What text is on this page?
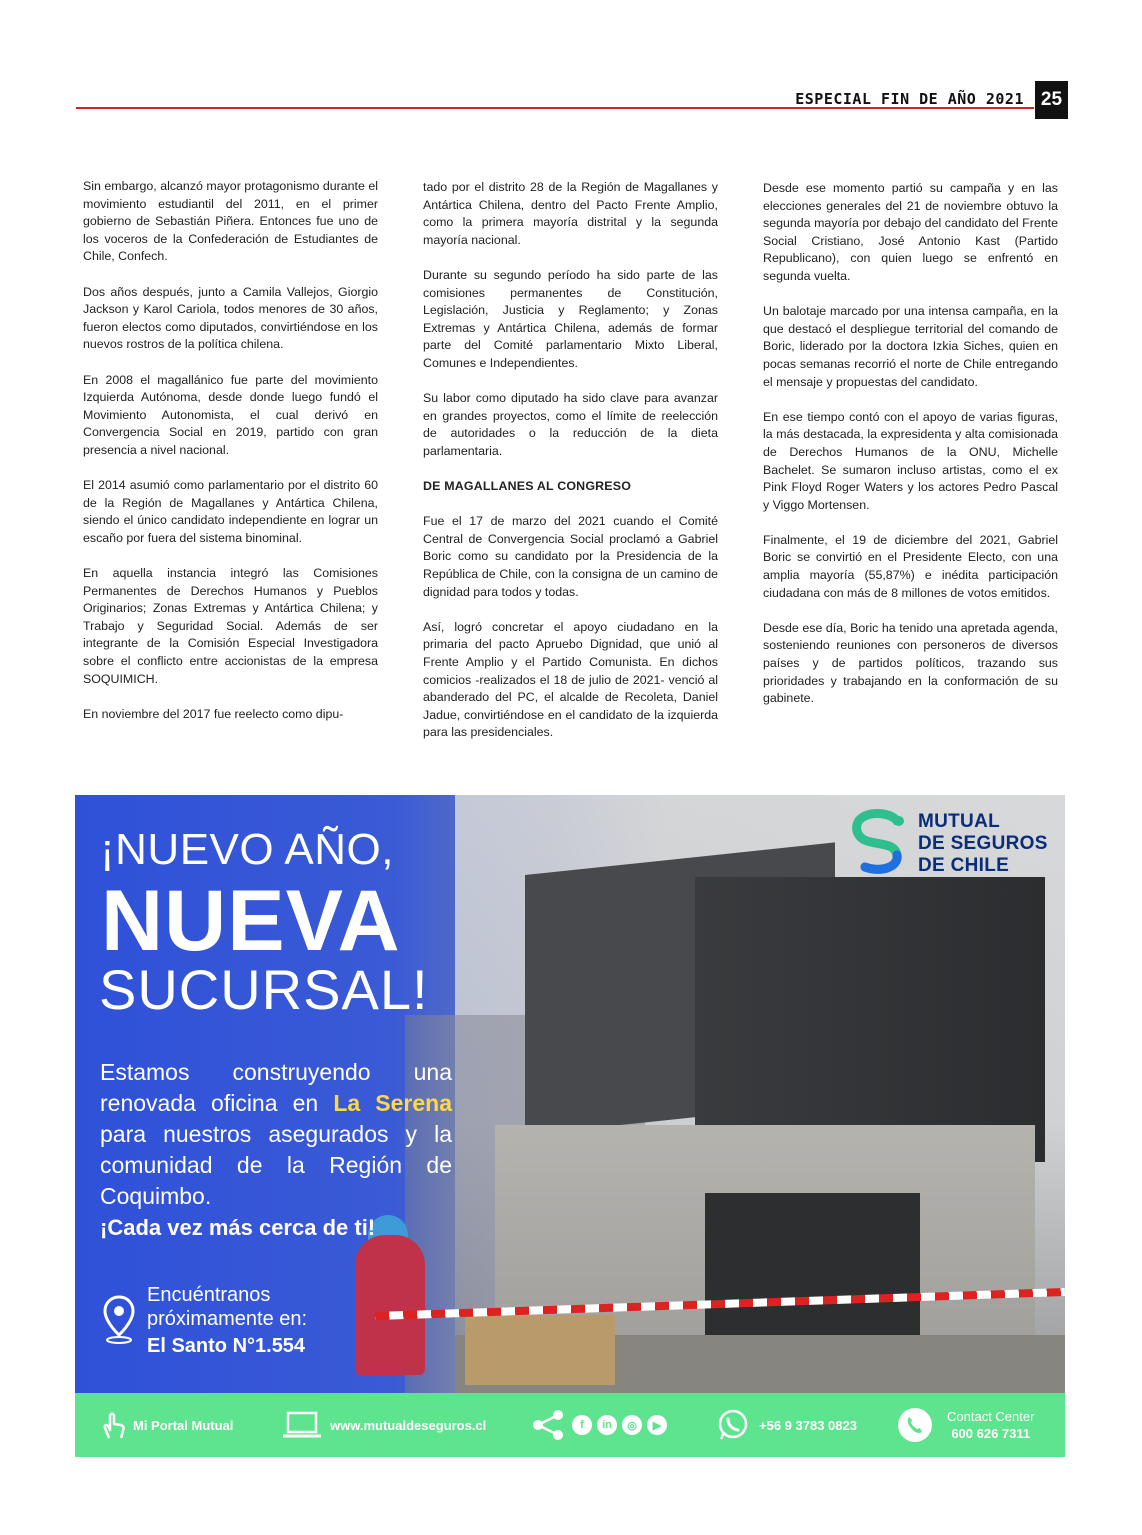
ESPECIAL FIN DE AÑO 2021 25

Sin embargo, alcanzó mayor protagonismo durante el movimiento estudiantil del 2011, en el primer gobierno de Sebastián Piñera. Entonces fue uno de los voceros de la Confederación de Estudiantes de Chile, Confech.

Dos años después, junto a Camila Vallejos, Giorgio Jackson y Karol Cariola, todos menores de 30 años, fueron electos como diputados, convirtiéndose en los nuevos rostros de la política chilena.

En 2008 el magallánico fue parte del movimiento Izquierda Autónoma, desde donde luego fundó el Movimiento Autonomista, el cual derivó en Convergencia Social en 2019, partido con gran presencia a nivel nacional.

El 2014 asumió como parlamentario por el distrito 60 de la Región de Magallanes y Antártica Chilena, siendo el único candidato independiente en lograr un escaño por fuera del sistema binominal.

En aquella instancia integró las Comisiones Permanentes de Derechos Humanos y Pueblos Originarios; Zonas Extremas y Antártica Chilena; y Trabajo y Seguridad Social. Además de ser integrante de la Comisión Especial Investigadora sobre el conflicto entre accionistas de la empresa SOQUIMICH.

En noviembre del 2017 fue reelecto como dipu-

tado por el distrito 28 de la Región de Magallanes y Antártica Chilena, dentro del Pacto Frente Amplio, como la primera mayoría distrital y la segunda mayoría nacional.

Durante su segundo período ha sido parte de las comisiones permanentes de Constitución, Legislación, Justicia y Reglamento; y Zonas Extremas y Antártica Chilena, además de formar parte del Comité parlamentario Mixto Liberal, Comunes e Independientes.

Su labor como diputado ha sido clave para avanzar en grandes proyectos, como el límite de reelección de autoridades o la reducción de la dieta parlamentaria.

DE MAGALLANES AL CONGRESO

Fue el 17 de marzo del 2021 cuando el Comité Central de Convergencia Social proclamó a Gabriel Boric como su candidato por la Presidencia de la República de Chile, con la consigna de un camino de dignidad para todos y todas.

Así, logró concretar el apoyo ciudadano en la primaria del pacto Apruebo Dignidad, que unió al Frente Amplio y el Partido Comunista. En dichos comicios -realizados el 18 de julio de 2021- venció al abanderado del PC, el alcalde de Recoleta, Daniel Jadue, convirtiéndose en el candidato de la izquierda para las presidenciales.

Desde ese momento partió su campaña y en las elecciones generales del 21 de noviembre obtuvo la segunda mayoría por debajo del candidato del Frente Social Cristiano, José Antonio Kast (Partido Republicano), con quien luego se enfrentó en segunda vuelta.

Un balotaje marcado por una intensa campaña, en la que destacó el despliegue territorial del comando de Boric, liderado por la doctora Izkia Siches, quien en pocas semanas recorrió el norte de Chile entregando el mensaje y propuestas del candidato.

En ese tiempo contó con el apoyo de varias figuras, la más destacada, la expresidenta y alta comisionada de Derechos Humanos de la ONU, Michelle Bachelet. Se sumaron incluso artistas, como el ex Pink Floyd Roger Waters y los actores Pedro Pascal y Viggo Mortensen.

Finalmente, el 19 de diciembre del 2021, Gabriel Boric se convirtió en el Presidente Electo, con una amplia mayoría (55,87%) e inédita participación ciudadana con más de 8 millones de votos emitidos.

Desde ese día, Boric ha tenido una apretada agenda, sosteniendo reuniones con personeros de diversos países y de partidos políticos, trazando sus prioridades y trabajando en la conformación de su gabinete.

¡NUEVO AÑO,
NUEVA
SUCURSAL!
Estamos construyendo una renovada oficina en La Serena para nuestros asegurados y la comunidad de la Región de Coquimbo.
¡Cada vez más cerca de ti!
Encuéntranos
próximamente en:
El Santo N°1.554
MUTUAL
DE SEGUROS
DE CHILE
Mi Portal Mutual	www.mutualdeseguros.cl	f	in	◎	▶	+56 9 3783 0823
Contact Center
600 626 7311
